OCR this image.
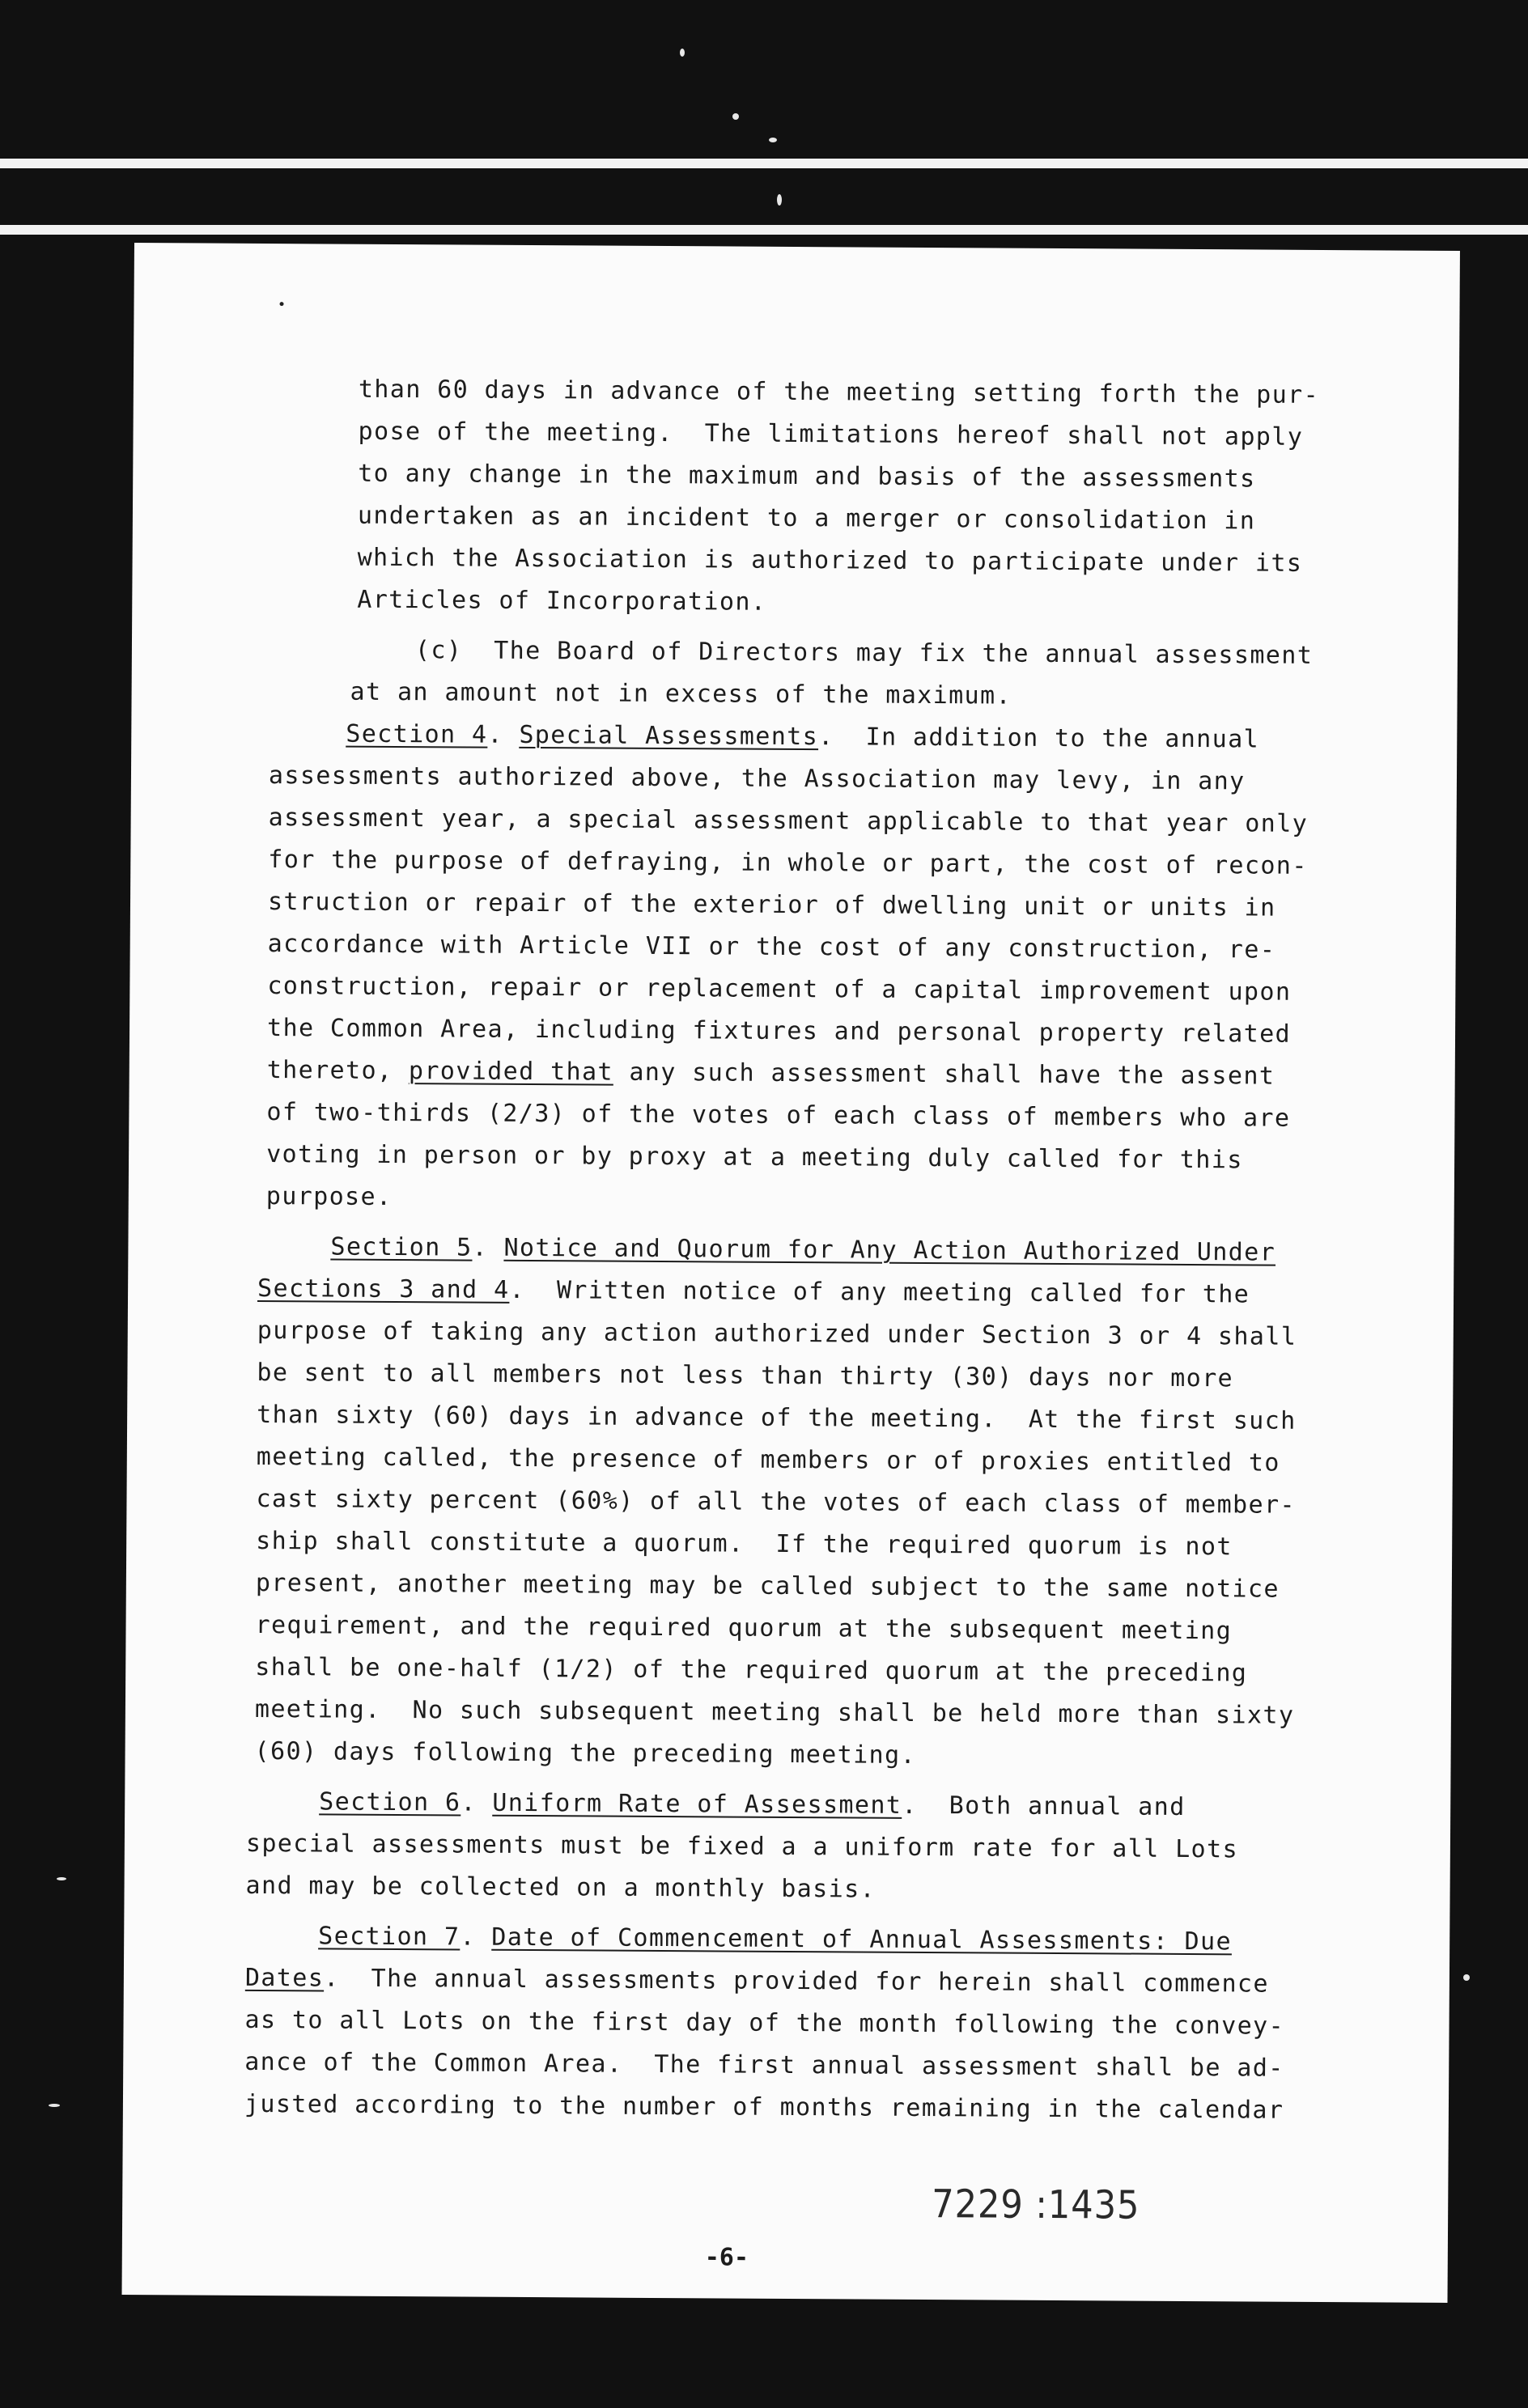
than 60 days in advance of the meeting setting forth the pur-
pose of the meeting.  The limitations hereof shall not apply
to any change in the maximum and basis of the assessments
undertaken as an incident to a merger or consolidation in
which the Association is authorized to participate under its
Articles of Incorporation.
(c)  The Board of Directors may fix the annual assessment
at an amount not in excess of the maximum.
Section 4. Special Assessments.  In addition to the annual
assessments authorized above, the Association may levy, in any
assessment year, a special assessment applicable to that year only
for the purpose of defraying, in whole or part, the cost of recon-
struction or repair of the exterior of dwelling unit or units in
accordance with Article VII or the cost of any construction, re-
construction, repair or replacement of a capital improvement upon
the Common Area, including fixtures and personal property related
thereto, provided that any such assessment shall have the assent
of two-thirds (2/3) of the votes of each class of members who are
voting in person or by proxy at a meeting duly called for this
purpose.
Section 5. Notice and Quorum for Any Action Authorized Under
Sections 3 and 4.  Written notice of any meeting called for the
purpose of taking any action authorized under Section 3 or 4 shall
be sent to all members not less than thirty (30) days nor more
than sixty (60) days in advance of the meeting.  At the first such
meeting called, the presence of members or of proxies entitled to
cast sixty percent (60%) of all the votes of each class of member-
ship shall constitute a quorum.  If the required quorum is not
present, another meeting may be called subject to the same notice
requirement, and the required quorum at the subsequent meeting
shall be one-half (1/2) of the required quorum at the preceding
meeting.  No such subsequent meeting shall be held more than sixty
(60) days following the preceding meeting.
Section 6. Uniform Rate of Assessment.  Both annual and
special assessments must be fixed a a uniform rate for all Lots
and may be collected on a monthly basis.
Section 7. Date of Commencement of Annual Assessments: Due
Dates.  The annual assessments provided for herein shall commence
as to all Lots on the first day of the month following the convey-
ance of the Common Area.  The first annual assessment shall be ad-
justed according to the number of months remaining in the calendar
7229 :1435
-6-
